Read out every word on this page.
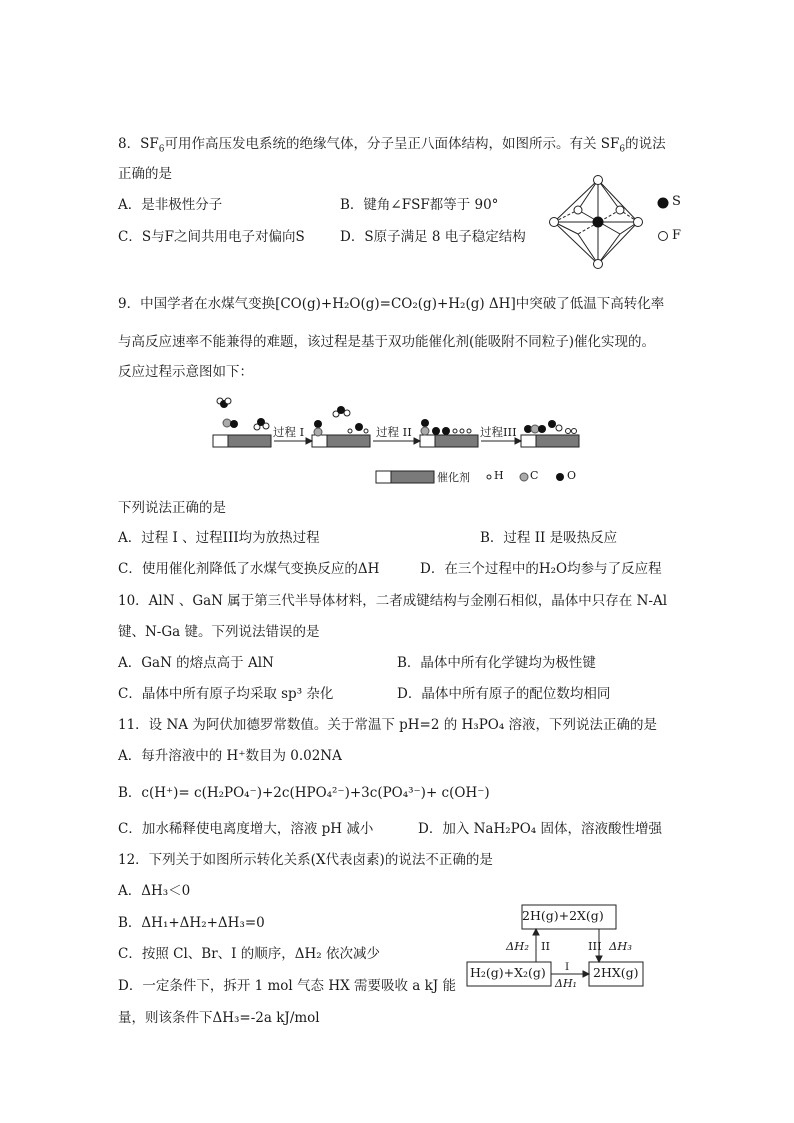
8．$SF_6$可用作高压发电系统的绝缘气体，分子呈正八面体结构，如图所示。有关 $SF_6$的说法
正确的是
A．是非极性分子	B．键角∠FSF都等于 90°
C．S与F之间共用电子对偏向S	D．S原子满足 8 电子稳定结构
S
F
9．中国学者在水煤气变换[CO(g)+H₂O(g)=CO₂(g)+H₂(g) ΔH]中突破了低温下高转化率
与高反应速率不能兼得的难题，该过程是基于双功能催化剂(能吸附不同粒子)催化实现的。
反应过程示意图如下：
过程 I	过程 II	过程III
催化剂 H C	O
下列说法正确的是
A．过程 I 、过程III均为放热过程	B．过程 II 是吸热反应
C．使用催化剂降低了水煤气变换反应的ΔH	D．在三个过程中的H₂O均参与了反应程
10．AlN 、GaN 属于第三代半导体材料，二者成键结构与金刚石相似，晶体中只存在 N-Al
键、N-Ga 键。下列说法错误的是
A．GaN 的熔点高于 AlN	B．晶体中所有化学键均为极性键
C．晶体中所有原子均采取 sp³ 杂化	D．晶体中所有原子的配位数均相同
11．设 NA 为阿伏加德罗常数值。关于常温下 pH=2 的 H₃PO₄ 溶液，下列说法正确的是
A．每升溶液中的 H⁺数目为 0.02NA
B．c(H⁺)= c(H₂PO₄⁻)+2c(HPO₄²⁻)+3c(PO₄³⁻)+ c(OH⁻)
C．加水稀释使电离度增大，溶液 pH 减小	D．加入 NaH₂PO₄ 固体，溶液酸性增强
12．下列关于如图所示转化关系(X代表卤素)的说法不正确的是
A．ΔH₃＜0
B．ΔH₁+ΔH₂+ΔH₃=0
C．按照 Cl、Br、I 的顺序，ΔH₂ 依次减少
D．一定条件下，拆开 1 mol 气态 HX 需要吸收 a kJ 能
量，则该条件下ΔH₃=-2a kJ/mol
2H(g)+2X(g)
H₂(g)+X₂(g)	2HX(g)
ΔH₂ II	III ΔH₃
I
ΔH₁
